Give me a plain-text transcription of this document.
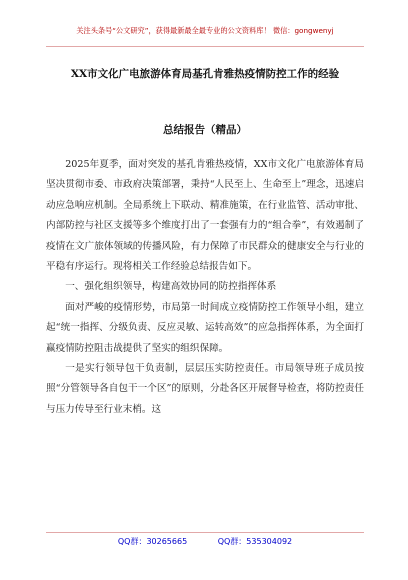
关注头条号“公文研究”，获得最新最全最专业的公文资料库！ 微信：gongwenyj
XX市文化广电旅游体育局基孔肯雅热疫情防控工作的经验
总结报告（精品）

2025年夏季，面对突发的基孔肯雅热疫情，XX市文化广电旅游体育局坚决贯彻市委、市政府决策部署，秉持“人民至上、生命至上”理念，迅速启动应急响应机制。全局系统上下联动、精准施策，在行业监管、活动审批、内部防控与社区支援等多个维度打出了一套强有力的“组合拳”，有效遏制了疫情在文广旅体领域的传播风险，有力保障了市民群众的健康安全与行业的平稳有序运行。现将相关工作经验总结报告如下。

一、强化组织领导，构建高效协同的防控指挥体系

面对严峻的疫情形势，市局第一时间成立疫情防控工作领导小组，建立起“统一指挥、分级负责、反应灵敏、运转高效”的应急指挥体系，为全面打赢疫情防控阻击战提供了坚实的组织保障。

一是实行领导包干负责制，层层压实防控责任。市局领导班子成员按照“分管领导各自包干一个区”的原则，分赴各区开展督导检查，将防控责任与压力传导至行业末梢。这

QQ群：30265665	QQ群：535304092
